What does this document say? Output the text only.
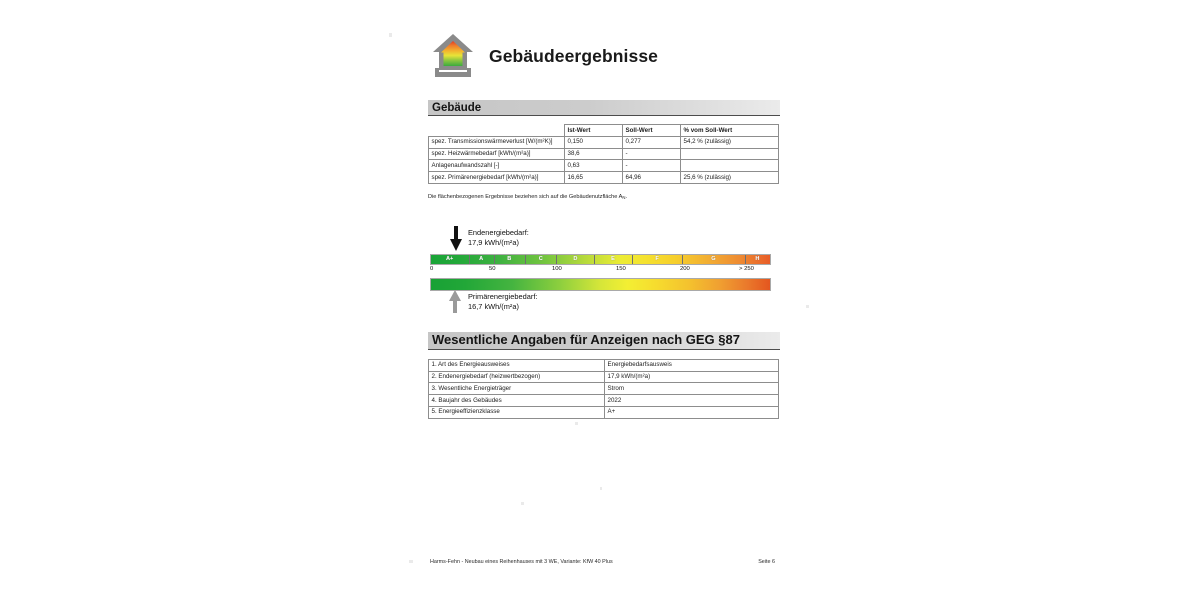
Gebäudeergebnisse
Gebäude
	Ist-Wert	Soll-Wert	% vom Soll-Wert
spez. Transmissionswärmeverlust [W/(m²K)]	0,150	0,277	54,2 % (zulässig)
spez. Heizwärmebedarf [kWh/(m²a)]	38,6	-	
Anlagenaufwandszahl [-]	0,63	-	
spez. Primärenergiebedarf [kWh/(m²a)]	16,65	64,96	25,6 % (zulässig)
Die flächenbezogenen Ergebnisse beziehen sich auf die Gebäudenutzfläche $A_N$.
Endenergiebedarf:
17,9 kWh/(m²a)
A+	A	B	C	D	E	F	G	H
0	50	100	150	200	> 250
Primärenergiebedarf:
16,7 kWh/(m²a)
Wesentliche Angaben für Anzeigen nach GEG §87
1. Art des Energieausweises	Energiebedarfsausweis
2. Endenergiebedarf (heizwertbezogen)	17,9 kWh/(m²a)
3. Wesentliche Energieträger	Strom
4. Baujahr des Gebäudes	2022
5. Energieeffizienzklasse	A+
Harms-Fehn - Neubau eines Reihenhauses mit 3 WE, Variante: KfW 40 Plus	Seite 6
